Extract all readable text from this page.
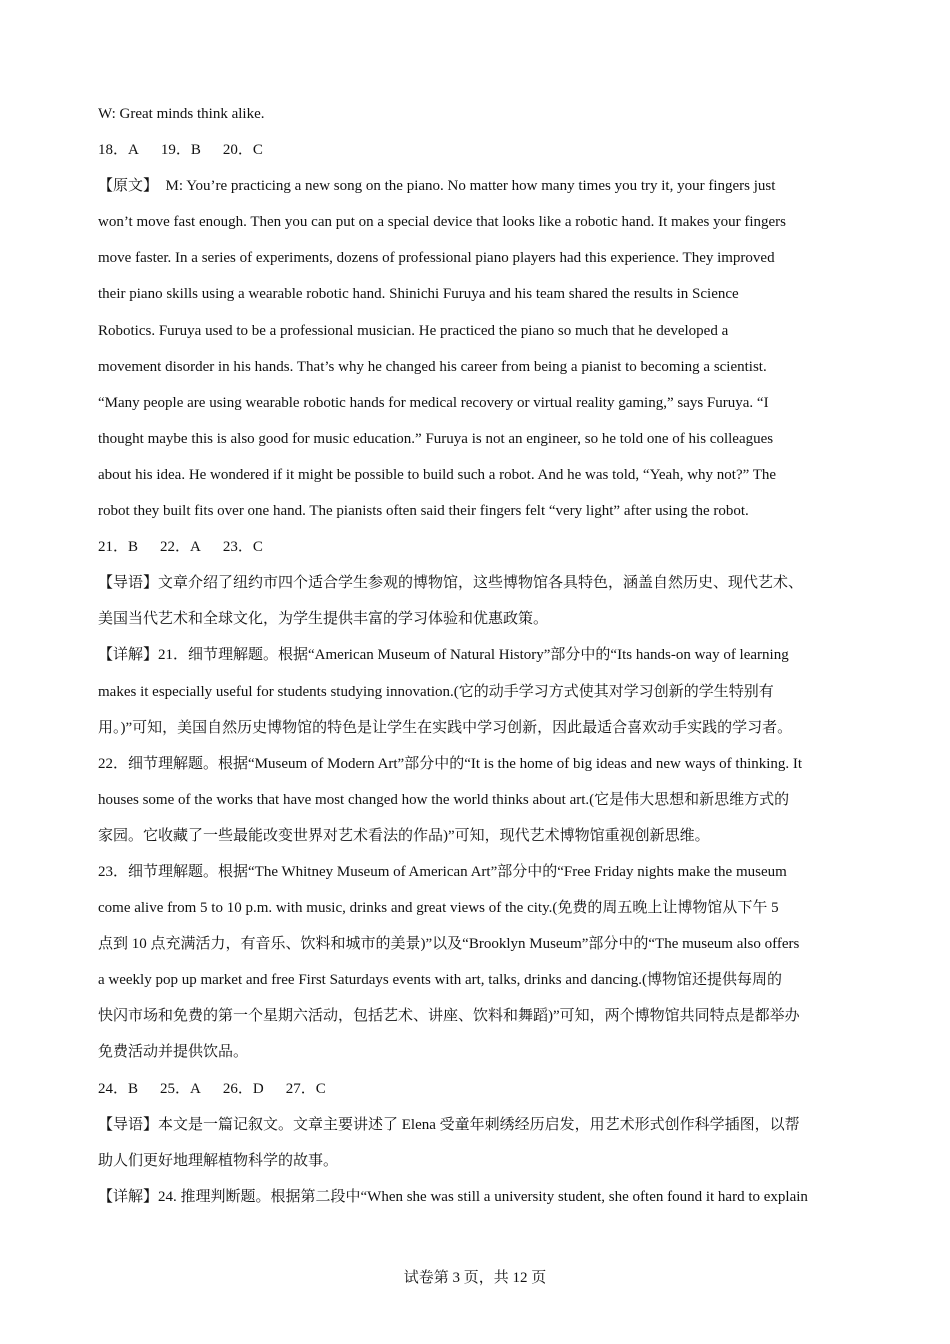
W: Great minds think alike.
18．A 19．B 20．C
【原文】　M: You’re practicing a new song on the piano. No matter how many times you try it, your fingers just
won’t move fast enough. Then you can put on a special device that looks like a robotic hand. It makes your fingers
move faster. In a series of experiments, dozens of professional piano players had this experience. They improved
their piano skills using a wearable robotic hand. Shinichi Furuya and his team shared the results in Science
Robotics. Furuya used to be a professional musician. He practiced the piano so much that he developed a
movement disorder in his hands. That’s why he changed his career from being a pianist to becoming a scientist.
“Many people are using wearable robotic hands for medical recovery or virtual reality gaming,” says Furuya. “I
thought maybe this is also good for music education.” Furuya is not an engineer, so he told one of his colleagues
about his idea. He wondered if it might be possible to build such a robot. And he was told, “Yeah, why not?” The
robot they built fits over one hand. The pianists often said their fingers felt “very light” after using the robot.
21．B 22．A 23．C
【导语】文章介绍了纽约市四个适合学生参观的博物馆，这些博物馆各具特色，涵盖自然历史、现代艺术、
美国当代艺术和全球文化，为学生提供丰富的学习体验和优惠政策。
【详解】21．细节理解题。根据“American Museum of Natural History”部分中的“Its hands-on way of learning
makes it especially useful for students studying innovation.(它的动手学习方式使其对学习创新的学生特别有
用。)”可知，美国自然历史博物馆的特色是让学生在实践中学习创新，因此最适合喜欢动手实践的学习者。
22．细节理解题。根据“Museum of Modern Art”部分中的“It is the home of big ideas and new ways of thinking. It
houses some of the works that have most changed how the world thinks about art.(它是伟大思想和新思维方式的
家园。它收藏了一些最能改变世界对艺术看法的作品)”可知，现代艺术博物馆重视创新思维。
23．细节理解题。根据“The Whitney Museum of American Art”部分中的“Free Friday nights make the museum
come alive from 5 to 10 p.m. with music, drinks and great views of the city.(免费的周五晚上让博物馆从下午 5
点到 10 点充满活力，有音乐、饮料和城市的美景)”以及“Brooklyn Museum”部分中的“The museum also offers
a weekly pop up market and free First Saturdays events with art, talks, drinks and dancing.(博物馆还提供每周的
快闪市场和免费的第一个星期六活动，包括艺术、讲座、饮料和舞蹈)”可知，两个博物馆共同特点是都举办
免费活动并提供饮品。
24．B 25．A 26．D 27．C
【导语】本文是一篇记叙文。文章主要讲述了 Elena 受童年刺绣经历启发，用艺术形式创作科学插图，以帮
助人们更好地理解植物科学的故事。
【详解】24. 推理判断题。根据第二段中“When she was still a university student, she often found it hard to explain
试卷第 3 页，共 12 页
